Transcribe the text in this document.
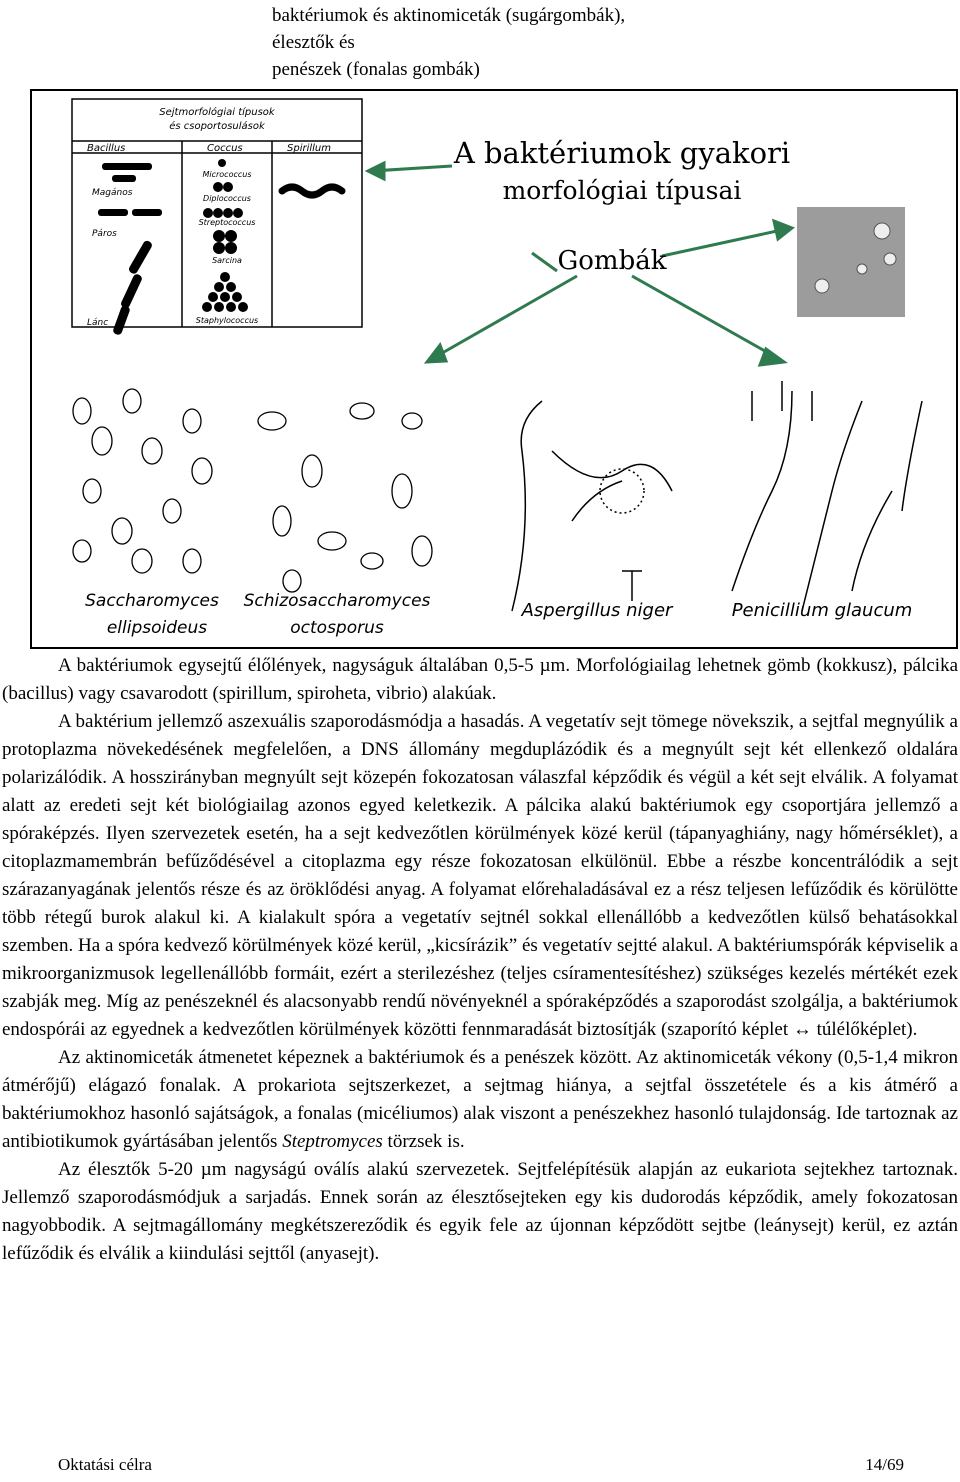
baktériumok és aktinomiceták (sugárgombák),
élesztők és
penészek (fonalas gombák)
Sejtmorfológiai típusok
és csoportosulások
Bacillus	Coccus	Spirillum
Magános
Páros
Lánc
Micrococcus
Diplococcus
Streptococcus
Sarcina
Staphylococcus
A baktériumok gyakori
morfológiai típusai
Gombák
Saccharomyces
ellipsoideus
Schizosaccharomyces
octosporus
Aspergillus niger	Penicillium glaucum

A baktériumok egysejtű élőlények, nagyságuk általában 0,5-5 µm. Morfológiailag lehetnek gömb (kokkusz), pálcika (bacillus) vagy csavarodott (spirillum, spiroheta, vibrio) alakúak.

A baktérium jellemző aszexuális szaporodásmódja a hasadás. A vegetatív sejt tömege növekszik, a sejtfal megnyúlik a protoplazma növekedésének megfelelően, a DNS állomány megduplázódik és a megnyúlt sejt két ellenkező oldalára polarizálódik. A hosszirányban megnyúlt sejt közepén fokozatosan válaszfal képződik és végül a két sejt elválik. A folyamat alatt az eredeti sejt két biológiailag azonos egyed keletkezik. A pálcika alakú baktériumok egy csoportjára jellemző a spóraképzés. Ilyen szervezetek esetén, ha a sejt kedvezőtlen körülmények közé kerül (tápanyaghiány, nagy hőmérséklet), a citoplazmamembrán befűződésével a citoplazma egy része fokozatosan elkülönül. Ebbe a részbe koncentrálódik a sejt szárazanyagának jelentős része és az öröklődési anyag. A folyamat előrehaladásával ez a rész teljesen lefűződik és körülötte több rétegű burok alakul ki. A kialakult spóra a vegetatív sejtnél sokkal ellenállóbb a kedvezőtlen külső behatásokkal szemben. Ha a spóra kedvező körülmények közé kerül, „kicsírázik” és vegetatív sejtté alakul. A baktériumspórák képviselik a mikroorganizmusok legellenállóbb formáit, ezért a sterilezéshez (teljes csíramentesítéshez) szükséges kezelés mértékét ezek szabják meg. Míg az penészeknél és alacsonyabb rendű növényeknél a spóraképződés a szaporodást szolgálja, a baktériumok endospórái az egyednek a kedvezőtlen körülmények közötti fennmaradását biztosítják (szaporító képlet ↔ túlélőképlet).

Az aktinomiceták átmenetet képeznek a baktériumok és a penészek között. Az aktinomiceták vékony (0,5-1,4 mikron átmérőjű) elágazó fonalak. A prokariota sejtszerkezet, a sejtmag hiánya, a sejtfal összetétele és a kis átmérő a baktériumokhoz hasonló sajátságok, a fonalas (micéliumos) alak viszont a penészekhez hasonló tulajdonság. Ide tartoznak az antibiotikumok gyártásában jelentős Steptromyces törzsek is.

Az élesztők 5-20 µm nagyságú oválís alakú szervezetek. Sejtfelépítésük alapján az eukariota sejtekhez tartoznak. Jellemző szaporodásmódjuk a sarjadás. Ennek során az élesztősejteken egy kis dudorodás képződik, amely fokozatosan nagyobbodik. A sejtmagállomány megkétszereződik és egyik fele az újonnan képződött sejtbe (leánysejt) kerül, ez aztán lefűződik és elválik a kiindulási sejttől (anyasejt).

Oktatási célra	14/69
